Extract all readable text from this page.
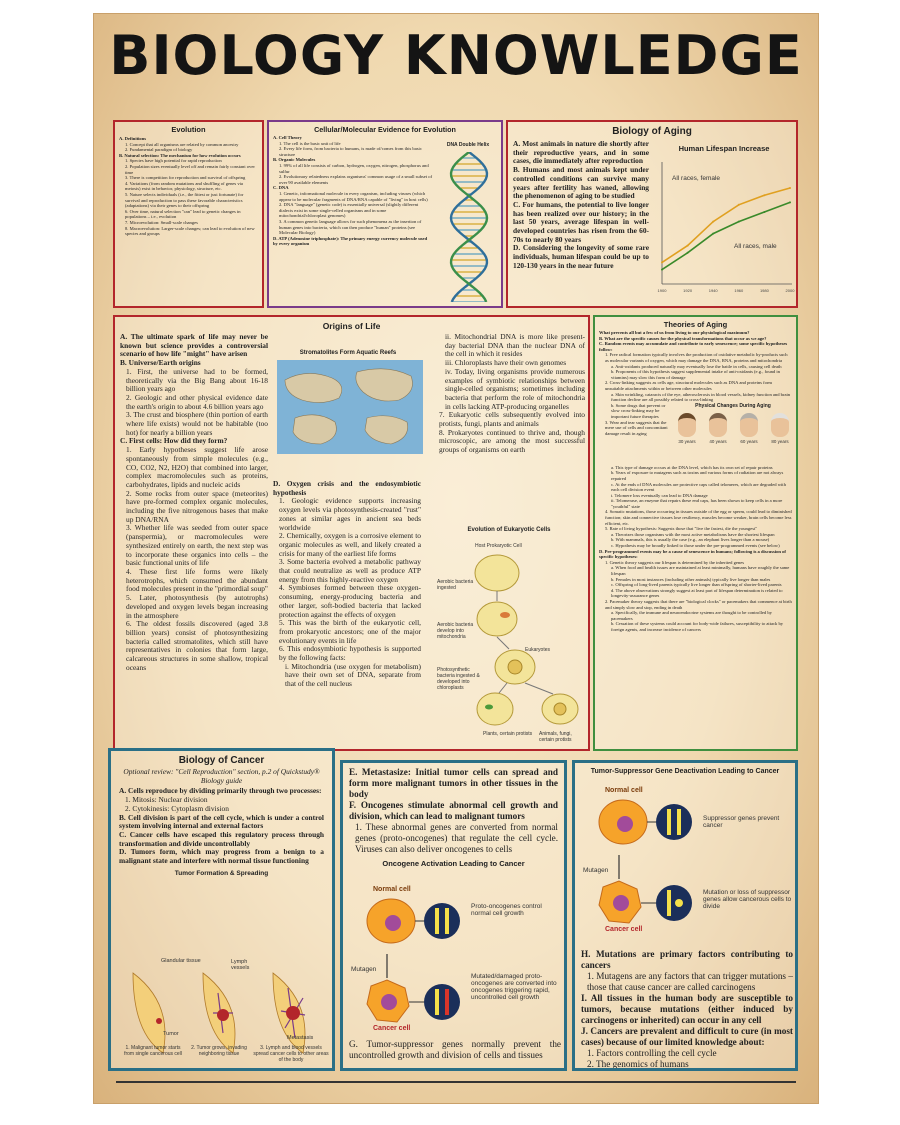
BIOLOGY KNOWLEDGE
Evolution
A. Definitions
1. Concept that all organisms are related by common ancestry
2. Fundamental paradigm of biology
B. Natural selection: The mechanism for how evolution occurs
1. Species have high potential for rapid reproduction
2. Population sizes eventually level off and remain fairly constant over time
3. There is competition for reproduction and survival of offspring
4. Variations (from random mutations and shuffling of genes via meiosis) exist in behavior, physiology, structure, etc.
5. Nature selects individuals (i.e., the fittest or just fortunate) for survival and reproduction to pass these favorable characteristics (adaptations) via their genes to their offspring
6. Over time, natural selection "can" lead to genetic changes in populations – i.e., evolution
7. Microevolution: Small-scale changes
8. Macroevolution: Larger-scale changes; can lead to evolution of new species and groups
Cellular/Molecular Evidence for Evolution
A. Cell Theory
1. The cell is the basic unit of life
2. Every life form, from bacteria to humans, is made of/comes from this basic structure
B. Organic Molecules
1. 99% of all life consists of carbon, hydrogen, oxygen, nitrogen, phosphorus and sulfur
2. Evolutionary relatedness explains organisms' common usage of a small subset of over 90 available elements
C. DNA
1. Genetic, informational molecule in every organism, including viruses (which appear to be molecular fragments of DNA/RNA capable of "living" in host cells)
2. DNA "language" (genetic code) is essentially universal (slightly different dialects exist in some single-celled organisms and in some mitochondrial/chloroplast genomes)
3. A common genetic language allows for such phenomena as the insertion of human genes into bacteria, which can then produce "human" proteins (see Molecular Biology)
D. ATP (Adenosine triphosphate): The primary energy currency molecule used by every organism
DNA Double Helix
Biology of Aging
A. Most animals in nature die shortly after their reproductive years, and in some cases, die immediately after reproduction
B. Humans and most animals kept under controlled conditions can survive many years after fertility has waned, allowing the phenomenon of aging to be studied
C. For humans, the potential to live longer has been realized over our history; in the last 50 years, average lifespan in well-developed countries has risen from the 60-70s to nearly 80 years
D. Considering the longevity of some rare individuals, human lifespan could be up to 120-130 years in the near future
Human Lifespan Increase
1900	1920	1940	1960	1980	2000
All races, female
All races, male
Origins of Life
A. The ultimate spark of life may never be known but science provides a controversial scenario of how life "might" have arisen
B. Universe/Earth origins
1. First, the universe had to be formed, theoretically via the Big Bang about 16-18 billion years ago
2. Geologic and other physical evidence date the earth's origin to about 4.6 billion years ago
3. The crust and biosphere (thin portion of earth where life exists) would not be habitable (too hot) for nearly a billion years
C. First cells: How did they form?
1. Early hypotheses suggest life arose spontaneously from simple molecules (e.g., CO, CO2, N2, H2O) that combined into larger, complex macromolecules such as proteins, carbohydrates, lipids and nucleic acids
2. Some rocks from outer space (meteorites) have pre-formed complex organic molecules, including the five nitrogenous bases that make up DNA/RNA
3. Whether life was seeded from outer space (panspermia), or macromolecules were synthesized entirely on earth, the next step was to incorporate these organics into cells – the basic functional units of life
4. These first life forms were likely heterotrophs, which consumed the abundant food molecules present in the "primordial soup"
5. Later, photosynthesis (by autotrophs) developed and oxygen levels began increasing in the atmosphere
6. The oldest fossils discovered (aged 3.8 billion years) consist of photosynthesizing bacteria called stromatolites, which still have representatives in colonies that form large, calcareous structures in some shallow, tropical oceans
Stromatolites Form Aquatic Reefs
D. Oxygen crisis and the endosymbiotic hypothesis
1. Geologic evidence supports increasing oxygen levels via photosynthesis-created "rust" zones at similar ages in ancient sea beds worldwide
2. Chemically, oxygen is a corrosive element to organic molecules as well, and likely created a crisis for many of the earliest life forms
3. Some bacteria evolved a metabolic pathway that could neutralize as well as produce ATP energy from this highly-reactive oxygen
4. Symbioses formed between these oxygen-consuming, energy-producing bacteria and other larger, soft-bodied bacteria that lacked protection against the effects of oxygen
5. This was the birth of the eukaryotic cell, from prokaryotic ancestors; one of the major evolutionary events in life
6. This endosymbiotic hypothesis is supported by the following facts:
i. Mitochondria (use oxygen for metabolism) have their own set of DNA, separate from that of the cell nucleus
ii. Mitochondrial DNA is more like present-day bacterial DNA than the nuclear DNA of the cell in which it resides
iii. Chloroplasts have their own genomes
iv. Today, living organisms provide numerous examples of symbiotic relationships between single-celled organisms; sometimes including bacteria that perform the role of mitochondria in cells lacking ATP-producing organelles
7. Eukaryotic cells subsequently evolved into protists, fungi, plants and animals
8. Prokaryotes continued to thrive and, though microscopic, are among the most successful groups of organisms on earth
Evolution of Eukaryotic Cells
Host Prokaryotic Cell
Aerobic bacteria ingested
Aerobic bacteria develop into mitochondria
Eukaryotes
Photosynthetic bacteria ingested & developed into chloroplasts
Plants, certain protists Animals, fungi, certain protists
Theories of Aging
What prevents all but a few of us from living to our physiological maximum?
B. What are the specific causes for the physical transformations that occur as we age?
C. Random events may accumulate and contribute to early senescence; some specific hypotheses follow:
1. Free radical formation typically involves the production of oxidative metabolic by-products such as molecular variants of oxygen, which may damage the DNA, RNA, proteins and mitochondria
a. Anti-oxidants produced naturally may eventually lose the battle in cells, causing cell death
b. Proponents of this hypothesis suggest supplemental intake of anti-oxidants (e.g., found in vitamins) may slow this form of damage
2. Cross-linking suggests as cells age, structural molecules such as DNA and proteins form unsuitable attachments within or between other molecules
a. Skin wrinkling, cataracts of the eye, atherosclerosis in blood vessels, kidney function and brain function decline are all possibly related to cross-linking
b. Some drugs that prevent or slow cross-linking may be important future therapies
3. Wear and tear suggests that the mere use of cells and concomitant damage result in aging
Physical Changes During Aging
30 years	40 years	60 years	80 years
a. This type of damage occurs at the DNA level, which has its own set of repair proteins
b. Years of exposure to mutagens such as toxins and various forms of radiation are not always repaired
c. At the ends of DNA molecules are protective caps called telomeres, which are degraded with each cell division event
i. Telomere loss eventually can lead to DNA damage
ii. Telomerase, an enzyme that repairs these end caps, has been shown to keep cells in a more "youthful" state
4. Somatic mutations, those occurring in tissues outside of the egg or sperm, could lead to diminished function; skin and connective tissues lose resiliency, muscles become weaker, brain cells become less efficient, etc.
5. Rate of living hypothesis: Suggests those that "live the fastest, die the youngest"
a. Theorizes those organisms with the most active metabolisms have the shortest lifespan
b. With mammals, this is usually the case (e.g., an elephant lives longer than a mouse)
c. Hypothesis may be broadly linked to those under the pre-programmed events (see below)
D. Pre-programmed events may be a cause of senescence in humans; following is a discussion of specific hypotheses:
1. Genetic theory suggests our lifespan is determined by the inherited genes
a. When food and health issues are maintained at least minimally, humans have roughly the same lifespan
b. Females in most instances (including other animals) typically live longer than males
c. Offspring of long-lived parents typically live longer than offspring of shorter-lived parents
d. The above observations strongly suggest at least part of lifespan determination is related to longevity-assurance genes
2. Pacemaker theory suggests that there are "biological clocks" or pacemakers that commence at birth and simply slow and stop, ending in death
a. Specifically, the immune and neuroendocrine systems are thought to be controlled by pacemakers
b. Cessation of these systems could account for body-wide failures, susceptibility to attack by foreign agents, and increase incidence of cancers
Biology of Cancer
Optional review: "Cell Reproduction" section, p.2 of Quickstudy® Biology guide
A. Cells reproduce by dividing primarily through two processes:
1. Mitosis: Nuclear division
2. Cytokinesis: Cytoplasm division
B. Cell division is part of the cell cycle, which is under a control system involving internal and external factors
C. Cancer cells have escaped this regulatory process through transformation and divide uncontrollably
D. Tumors form, which may progress from a benign to a malignant state and interfere with normal tissue functioning
Tumor Formation & Spreading
Glandular tissue	Lymph vessels
Tumor
Metastasis
1. Malignant tumor starts from single cancerous cell
2. Tumor grows, invading neighboring tissue
3. Lymph and blood vessels spread cancer cells to other areas of the body
E. Metastasize: Initial tumor cells can spread and form more malignant tumors in other tissues in the body
F. Oncogenes stimulate abnormal cell growth and division, which can lead to malignant tumors
1. These abnormal genes are converted from normal genes (proto-oncogenes) that regulate the cell cycle. Viruses can also deliver oncogenes to cells
Oncogene Activation Leading to Cancer
Normal cell
Proto-oncogenes control normal cell growth
Mutagen
Mutated/damaged proto-oncogenes are converted into oncogenes triggering rapid, uncontrolled cell growth
Cancer cell
G. Tumor-suppressor genes normally prevent the uncontrolled growth and division of cells and tissues
Tumor-Suppressor Gene Deactivation Leading to Cancer
Normal cell
Suppressor genes prevent cancer
Mutagen
Mutation or loss of suppressor genes allow cancerous cells to divide
Cancer cell
H. Mutations are primary factors contributing to cancers
1. Mutagens are any factors that can trigger mutations – those that cause cancer are called carcinogens
I. All tissues in the human body are susceptible to tumors, because mutations (either induced by carcinogens or inherited) can occur in any cell
J. Cancers are prevalent and difficult to cure (in most cases) because of our limited knowledge about:
1. Factors controlling the cell cycle
2. The genomics of humans
